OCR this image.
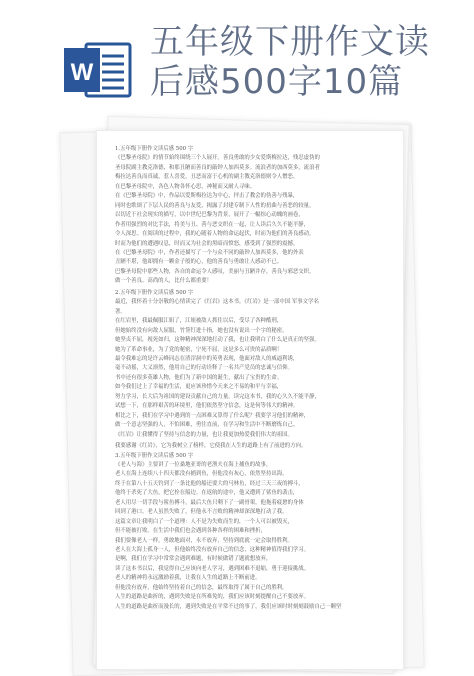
W
五年级下册作文读
后感500字10篇
1.五年级下册作文读后感 500 字
《巴黎圣母院》的情节始终围绕三个人展开。善良勇敢的少女爱斯梅拉达，残忍虚伪的
圣母院副主教克洛德，和那丑陋而善良的敲钟人加西莫多。流浪者的加西莫多，流浪者
梅拉达善良而真诚，惹人喜爱，丑恶而富于心机的副主教克洛德则令人憎恶。
在巴黎圣母院中，各色人物各怀心思，神秘而又耐人寻味。
在《巴黎圣母院》中，作品以爱斯梅拉达为中心，抨击了教会的伪善与残暴，
同时也歌颂了下层人民的善良与友爱，揭露了封建专制下人性的扭曲与善恶的较量。
以切近于社会现实的描写，以中世纪巴黎为背景，展开了一幅惊心动魄的画卷，
作者用强烈的对比手法，将美与丑、善与恶交织在一起，让人读后久久不能平静，
令人深思。在阅读的过程中，我的心随着人物的命运起伏，时而为他们的善良感动，
时而为他们的遭遇叹息，时而又为社会的黑暗而愤怒，感受到了强烈的震撼。
在《巴黎圣母院》中，作者还描写了一个与众不同的敲钟人加西莫多，他的外表
丑陋不堪，他却拥有一颗金子般的心，他的善良与勇敢让人感动不已。
巴黎圣母院中那些人物，各自的命运令人感叹，美丽与丑陋并存，善良与邪恶交织。
做一个善良、高尚的人，比什么都重要！
2.五年级下册作文读后感 500 字
最近，我怀着十分崇敬的心情读完了《红岩》这本书。《红岩》是一部中国 军事文学名
著。
在红岩里，我最佩服江姐了，江姐被敌人抓住以后，受尽了各种酷刑，
但她始终没有向敌人屈服，竹签钉进十指，她也没有说出一个字的秘密。
她坚贞不屈，视死如归，这种精神深深地打动了我，也让我明白了什么是真正的坚强。
她为了革命事业，为了党的秘密，宁死不屈，这是多么可贵的品质啊！
最令我难忘的是许云峰同志在渣滓洞中的英勇表现，他面对敌人的威逼利诱，
毫不动摇，大义凛然，他用自己的行动诠释了一名共产党员的忠诚与信仰。
书中还有很多英雄人物，他们为了新中国的诞生，献出了宝贵的生命。
如今我们过上了幸福的生活，更应该珍惜今天来之不易的和平与幸福，
努力学习，长大后为祖国的建设贡献自己的力量。读完这本书，我的心久久不能平静，
试想一下，在那样艰苦的环境里，他们依然坚守信念，这是何等伟大的精神。
相比之下，我们在学习中遇到的一点困难又算得了什么呢？我要学习他们的精神，
做一个意志坚强的人，不怕困难，勇往直前，在学习和生活中不断磨炼自己。
《红岩》让我懂得了坚持与信念的力量，也让我更加热爱我们伟大的祖国。
我要感谢《红岩》，它为我树立了榜样，它使我在人生的道路上有了前进的方向。
3.五年级下册作文读后感 500 字
《老人与海》主要讲了一位桑地亚哥的老渔夫在海上捕鱼的故事，
老人在海上连续八十四天都没有捕到鱼，但他没有灰心，依然坚持出海，
终于在第八十五天钓到了一条比他的船还要大的马林鱼，经过三天三夜的搏斗，
他终于杀死了大鱼，把它拴在船边。在返航的途中，他又遭到了鲨鱼的袭击，
老人用尽一切手段与鲨鱼搏斗，最后大鱼只剩下了一副骨架，他拖着疲惫的身体
回到了港口。老人虽然失败了，但他永不言败的精神却深深地打动了我。
这篇文章让我明白了一个道理：人不是为失败而生的，一个人可以被毁灭，
但不能被打败。在生活中我们也会遇到各种各样的困难和挫折，
我们要像老人一样，勇敢地面对，永不放弃，坚持到底就一定会取得胜利。
老人在大海上孤身一人，但他始终没有放弃自己的信念，这种精神值得我们学习。
是啊，我们在学习中常常会遇到难题，有时候做错了题就想放弃，
读了这本书以后，我觉得自己应该向老人学习，遇到困难不退缩，勇于迎接挑战。
老人的精神将永远激励着我，让我在人生的道路上不断前进。
但他没有放弃，他始终坚持着自己的信念，最终取得了属于自己的胜利。
人生的道路是曲折的，遇到失败是在所难免的，我们应该时刻提醒自己不要放弃。
人生的道路是曲折而漫长的，遇到失败是在平常不过的事了，我们应该时时刻刻鼓励自己一颗坚
